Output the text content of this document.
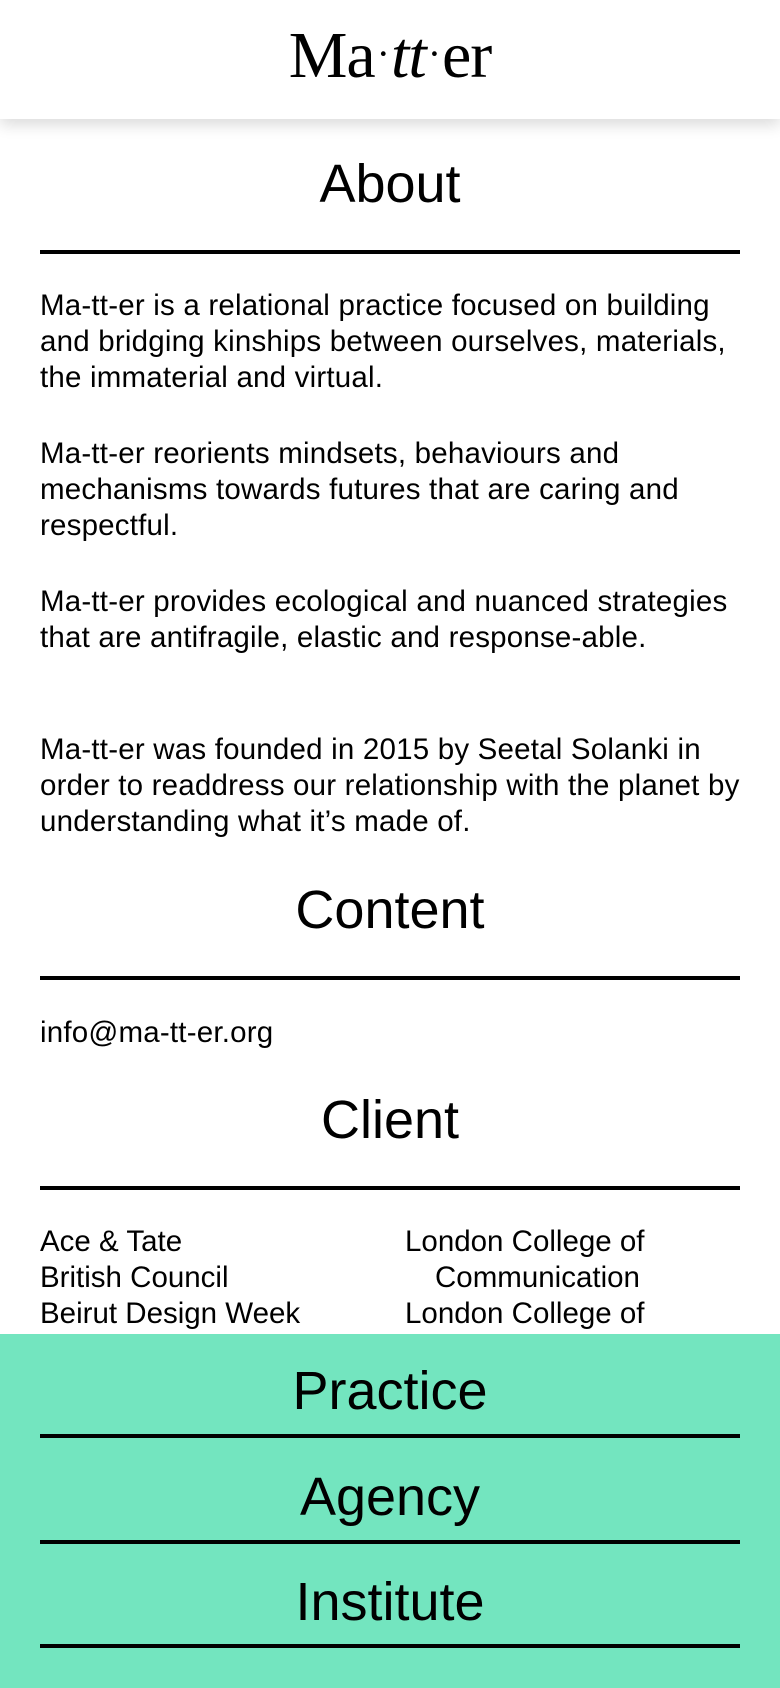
Ma·tt·er
About

Ma-tt-er is a relational practice focused on building and bridging kinships between ourselves, materials, the immaterial and virtual.

Ma-tt-er reorients mindsets, behaviours and mechanisms towards futures that are caring and respectful.

Ma-tt-er provides ecological and nuanced strategies that are antifragile, elastic and response-able.

Ma-tt-er was founded in 2015 by Seetal Solanki in order to readdress our relationship with the planet by understanding what it’s made of.

Content
info@ma-tt-er.org
Client
Ace & Tate
British Council
Beirut Design Week
London College of
Communication
London College of
Practice
Agency
Institute
